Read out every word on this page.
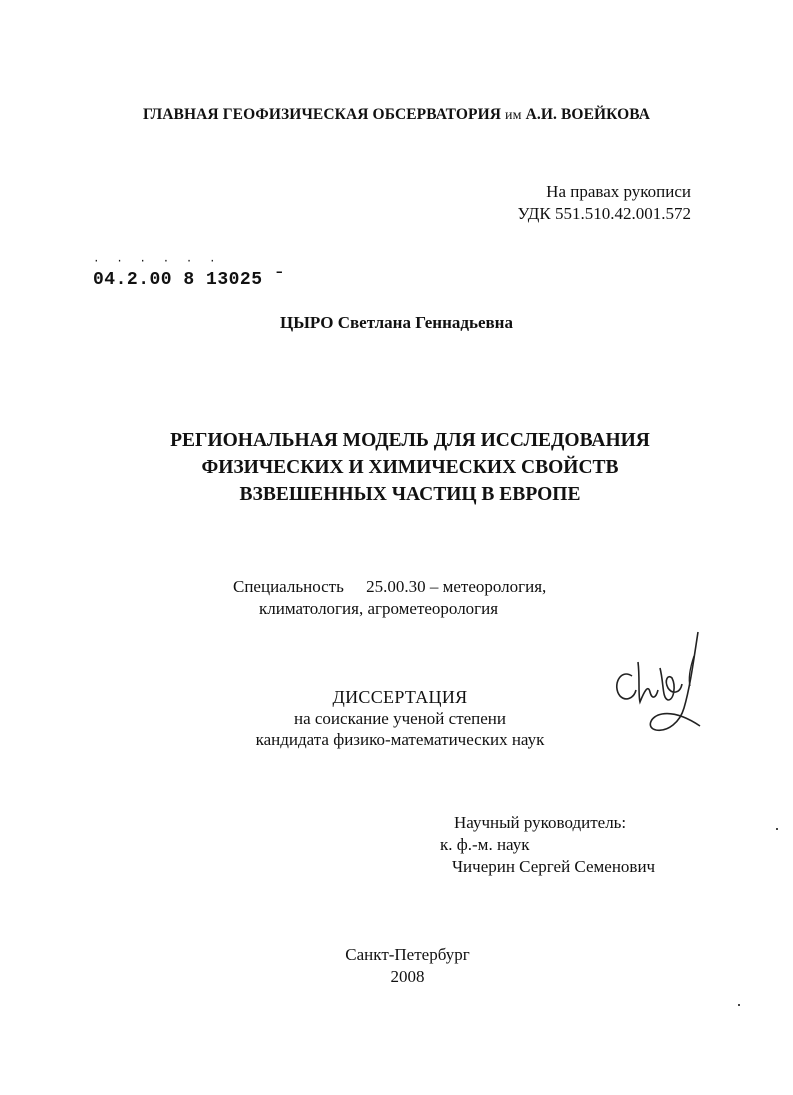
ГЛАВНАЯ ГЕОФИЗИЧЕСКАЯ ОБСЕРВАТОРИЯ им А.И. ВОЕЙКОВА
На правах рукописи
УДК 551.510.42.001.572
· · · · · ·
04.2.00 8 13025 ˉ
ЦЫРО Светлана Геннадьевна
РЕГИОНАЛЬНАЯ МОДЕЛЬ ДЛЯ ИССЛЕДОВАНИЯ
ФИЗИЧЕСКИХ И ХИМИЧЕСКИХ СВОЙСТВ
ВЗВЕШЕННЫХ ЧАСТИЦ В ЕВРОПЕ
Специальность 25.00.30 – метеорология,
климатология, агрометеорология
ДИССЕРТАЦИЯ
на соискание ученой степени
кандидата физико-математических наук
Научный руководитель:
к. ф.-м. наук
Чичерин Сергей Семенович
Санкт-Петербург
2008
